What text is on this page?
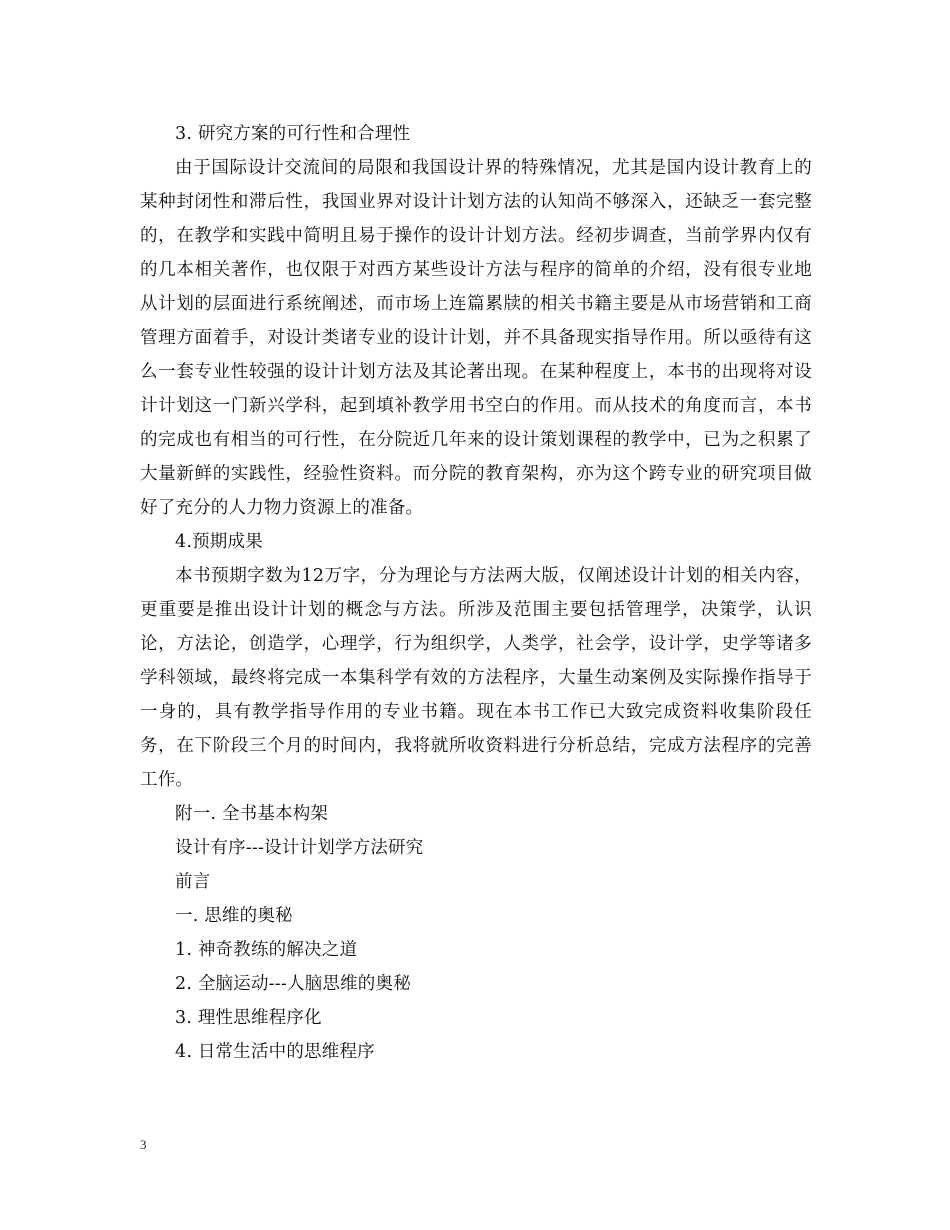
3. 研究方案的可行性和合理性

由于国际设计交流间的局限和我国设计界的特殊情况，尤其是国内设计教育上的某种封闭性和滞后性，我国业界对设计计划方法的认知尚不够深入，还缺乏一套完整的，在教学和实践中简明且易于操作的设计计划方法。经初步调查，当前学界内仅有的几本相关著作，也仅限于对西方某些设计方法与程序的简单的介绍，没有很专业地从计划的层面进行系统阐述，而市场上连篇累牍的相关书籍主要是从市场营销和工商管理方面着手，对设计类诸专业的设计计划，并不具备现实指导作用。所以亟待有这么一套专业性较强的设计计划方法及其论著出现。在某种程度上，本书的出现将对设计计划这一门新兴学科，起到填补教学用书空白的作用。而从技术的角度而言，本书的完成也有相当的可行性，在分院近几年来的设计策划课程的教学中，已为之积累了大量新鲜的实践性，经验性资料。而分院的教育架构，亦为这个跨专业的研究项目做好了充分的人力物力资源上的准备。

4.预期成果

本书预期字数为12万字，分为理论与方法两大版，仅阐述设计计划的相关内容，更重要是推出设计计划的概念与方法。所涉及范围主要包括管理学，决策学，认识论，方法论，创造学，心理学，行为组织学，人类学，社会学，设计学，史学等诸多学科领域，最终将完成一本集科学有效的方法程序，大量生动案例及实际操作指导于一身的，具有教学指导作用的专业书籍。现在本书工作已大致完成资料收集阶段任务，在下阶段三个月的时间内，我将就所收资料进行分析总结，完成方法程序的完善工作。

附一. 全书基本构架

设计有序---设计计划学方法研究

前言

一. 思维的奥秘

1. 神奇教练的解决之道

2. 全脑运动---人脑思维的奥秘

3. 理性思维程序化

4. 日常生活中的思维程序

3
